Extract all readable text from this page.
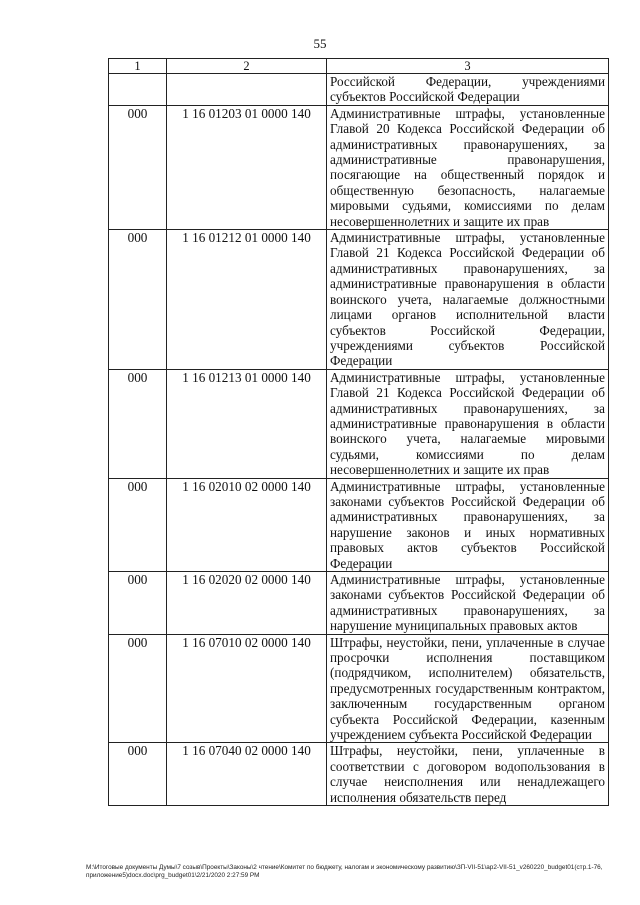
55
1	2	3
		Российской Федерации, учреждениями субъектов Российской Федерации
000	1 16 01203 01 0000 140	Административные штрафы, установленные Главой 20 Кодекса Российской Федерации об административных правонарушениях, за административные правонарушения, посягающие на общественный порядок и общественную безопасность, налагаемые мировыми судьями, комиссиями по делам несовершеннолетних и защите их прав
000	1 16 01212 01 0000 140	Административные штрафы, установленные Главой 21 Кодекса Российской Федерации об административных правонарушениях, за административные правонарушения в области воинского учета, налагаемые должностными лицами органов исполнительной власти субъектов Российской Федерации, учреждениями субъектов Российской Федерации
000	1 16 01213 01 0000 140	Административные штрафы, установленные Главой 21 Кодекса Российской Федерации об административных правонарушениях, за административные правонарушения в области воинского учета, налагаемые мировыми судьями, комиссиями по делам несовершеннолетних и защите их прав
000	1 16 02010 02 0000 140	Административные штрафы, установленные законами субъектов Российской Федерации об административных правонарушениях, за нарушение законов и иных нормативных правовых актов субъектов Российской Федерации
000	1 16 02020 02 0000 140	Административные штрафы, установленные законами субъектов Российской Федерации об административных правонарушениях, за нарушение муниципальных правовых актов
000	1 16 07010 02 0000 140	Штрафы, неустойки, пени, уплаченные в случае просрочки исполнения поставщиком (подрядчиком, исполнителем) обязательств, предусмотренных государственным контрактом, заключенным государственным органом субъекта Российской Федерации, казенным учреждением субъекта Российской Федерации
000	1 16 07040 02 0000 140	Штрафы, неустойки, пени, уплаченные в соответствии с договором водопользования в случае неисполнения или ненадлежащего исполнения обязательств перед
M:\Итоговые документы Думы\7 созыв\Проекты\Законы\2 чтение\Комитет по бюджету, налогам и экономическому развитию\ЗП-VII-51\ар2-VII-51_v260220_budget01(стр.1-76, приложение5)docx.doc\prg_budget01\2/21/2020 2:27:59 PM
